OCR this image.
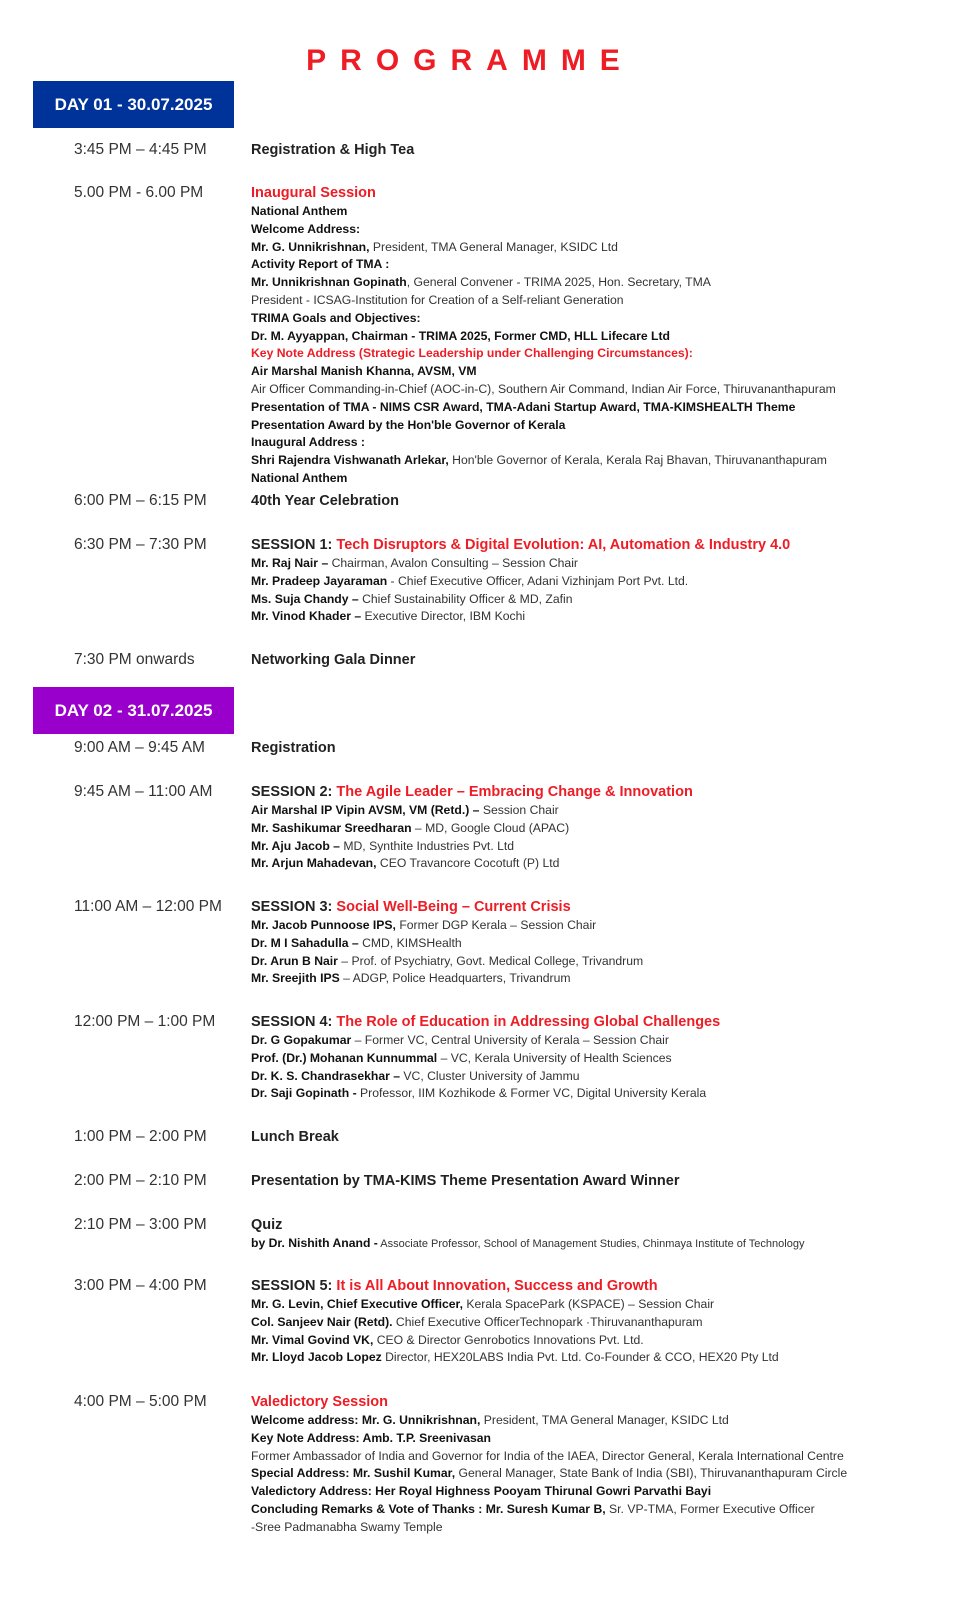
PROGRAMME
DAY 01 - 30.07.2025
3:45 PM – 4:45 PM	Registration & High Tea
5.00 PM - 6.00 PM	Inaugural Session
National Anthem
Welcome Address:
Mr. G. Unnikrishnan, President, TMA General Manager, KSIDC Ltd
Activity Report of TMA :
Mr. Unnikrishnan Gopinath, General Convener - TRIMA 2025, Hon. Secretary, TMA
President - ICSAG-Institution for Creation of a Self-reliant Generation
TRIMA Goals and Objectives:
Dr. M. Ayyappan, Chairman - TRIMA 2025, Former CMD, HLL Lifecare Ltd
Key Note Address (Strategic Leadership under Challenging Circumstances):
Air Marshal Manish Khanna, AVSM, VM
Air Officer Commanding-in-Chief (AOC-in-C), Southern Air Command, Indian Air Force, Thiruvananthapuram
Presentation of TMA - NIMS CSR Award, TMA-Adani Startup Award, TMA-KIMSHEALTH Theme
Presentation Award by the Hon'ble Governor of Kerala
Inaugural Address :
Shri Rajendra Vishwanath Arlekar, Hon'ble Governor of Kerala, Kerala Raj Bhavan, Thiruvananthapuram
National Anthem
6:00 PM – 6:15 PM	40th Year Celebration
6:30 PM – 7:30 PM	SESSION 1: Tech Disruptors & Digital Evolution: AI, Automation & Industry 4.0
Mr. Raj Nair – Chairman, Avalon Consulting – Session Chair
Mr. Pradeep Jayaraman - Chief Executive Officer, Adani Vizhinjam Port Pvt. Ltd.
Ms. Suja Chandy – Chief Sustainability Officer & MD, Zafin
Mr. Vinod Khader – Executive Director, IBM Kochi
7:30 PM onwards	Networking Gala Dinner
DAY 02 - 31.07.2025
9:00 AM – 9:45 AM	Registration
9:45 AM – 11:00 AM	SESSION 2: The Agile Leader – Embracing Change & Innovation
Air Marshal IP Vipin AVSM, VM (Retd.) – Session Chair
Mr. Sashikumar Sreedharan – MD, Google Cloud (APAC)
Mr. Aju Jacob – MD, Synthite Industries Pvt. Ltd
Mr. Arjun Mahadevan, CEO Travancore Cocotuft (P) Ltd
11:00 AM – 12:00 PM SESSION 3: Social Well-Being – Current Crisis
Mr. Jacob Punnoose IPS, Former DGP Kerala – Session Chair
Dr. M I Sahadulla – CMD, KIMSHealth
Dr. Arun B Nair – Prof. of Psychiatry, Govt. Medical College, Trivandrum
Mr. Sreejith IPS – ADGP, Police Headquarters, Trivandrum
12:00 PM – 1:00 PM SESSION 4: The Role of Education in Addressing Global Challenges
Dr. G Gopakumar – Former VC, Central University of Kerala – Session Chair
Prof. (Dr.) Mohanan Kunnummal – VC, Kerala University of Health Sciences
Dr. K. S. Chandrasekhar – VC, Cluster University of Jammu
Dr. Saji Gopinath - Professor, IIM Kozhikode & Former VC, Digital University Kerala
1:00 PM – 2:00 PM	Lunch Break
2:00 PM – 2:10 PM	Presentation by TMA-KIMS Theme Presentation Award Winner
2:10 PM – 3:00 PM	Quiz
by Dr. Nishith Anand - Associate Professor, School of Management Studies, Chinmaya Institute of Technology
3:00 PM – 4:00 PM	SESSION 5: It is All About Innovation, Success and Growth
Mr. G. Levin, Chief Executive Officer, Kerala SpacePark (KSPACE) – Session Chair
Col. Sanjeev Nair (Retd). Chief Executive OfficerTechnopark ·Thiruvananthapuram
Mr. Vimal Govind VK, CEO & Director Genrobotics Innovations Pvt. Ltd.
Mr. Lloyd Jacob Lopez Director, HEX20LABS India Pvt. Ltd. Co-Founder & CCO, HEX20 Pty Ltd
4:00 PM – 5:00 PM	Valedictory Session
Welcome address: Mr. G. Unnikrishnan, President, TMA General Manager, KSIDC Ltd
Key Note Address: Amb. T.P. Sreenivasan
Former Ambassador of India and Governor for India of the IAEA, Director General, Kerala International Centre
Special Address: Mr. Sushil Kumar, General Manager, State Bank of India (SBI), Thiruvananthapuram Circle
Valedictory Address: Her Royal Highness Pooyam Thirunal Gowri Parvathi Bayi
Concluding Remarks & Vote of Thanks : Mr. Suresh Kumar B, Sr. VP-TMA, Former Executive Officer
-Sree Padmanabha Swamy Temple
